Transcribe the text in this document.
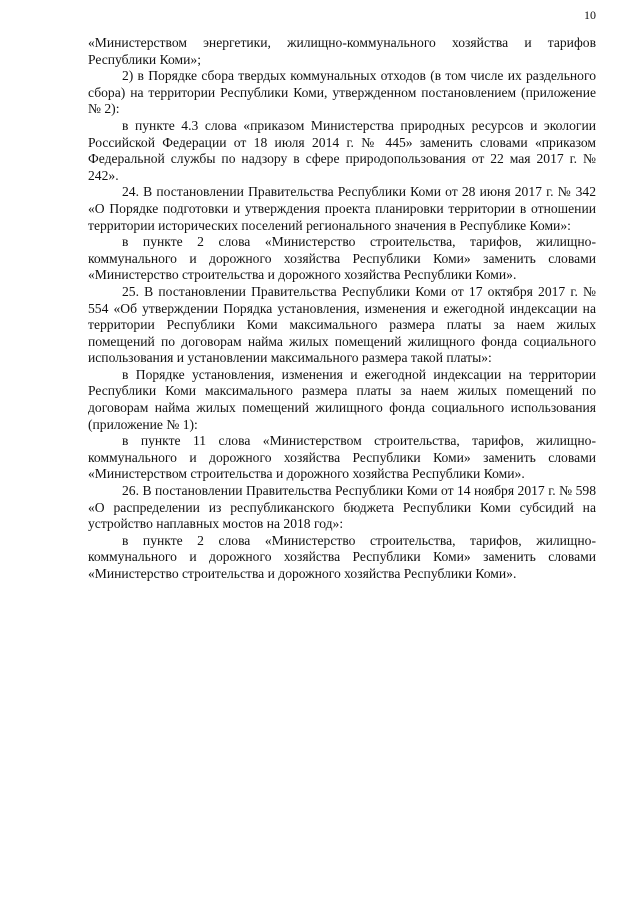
10

«Министерством энергетики, жилищно-коммунального хозяйства и тарифов Республики Коми»;

2) в Порядке сбора твердых коммунальных отходов (в том числе их раздельного сбора) на территории Республики Коми, утвержденном постановлением (приложение № 2):

в пункте 4.3 слова «приказом Министерства природных ресурсов и экологии Российской Федерации от 18 июля 2014 г. № 445» заменить словами «приказом Федеральной службы по надзору в сфере природопользования от 22 мая 2017 г. № 242».

24. В постановлении Правительства Республики Коми от 28 июня 2017 г. № 342 «О Порядке подготовки и утверждения проекта планировки территории в отношении территории исторических поселений регионального значения в Республике Коми»:

в пункте 2 слова «Министерство строительства, тарифов, жилищно-коммунального и дорожного хозяйства Республики Коми» заменить словами «Министерство строительства и дорожного хозяйства Республики Коми».

25. В постановлении Правительства Республики Коми от 17 октября 2017 г. № 554 «Об утверждении Порядка установления, изменения и ежегодной индексации на территории Республики Коми максимального размера платы за наем жилых помещений по договорам найма жилых помещений жилищного фонда социального использования и установлении максимального размера такой платы»:

в Порядке установления, изменения и ежегодной индексации на территории Республики Коми максимального размера платы за наем жилых помещений по договорам найма жилых помещений жилищного фонда социального использования (приложение № 1):

в пункте 11 слова «Министерством строительства, тарифов, жилищно-коммунального и дорожного хозяйства Республики Коми» заменить словами «Министерством строительства и дорожного хозяйства Республики Коми».

26. В постановлении Правительства Республики Коми от 14 ноября 2017 г. № 598 «О распределении из республиканского бюджета Республики Коми субсидий на устройство наплавных мостов на 2018 год»:

в пункте 2 слова «Министерство строительства, тарифов, жилищно-коммунального и дорожного хозяйства Республики Коми» заменить словами «Министерство строительства и дорожного хозяйства Республики Коми».
